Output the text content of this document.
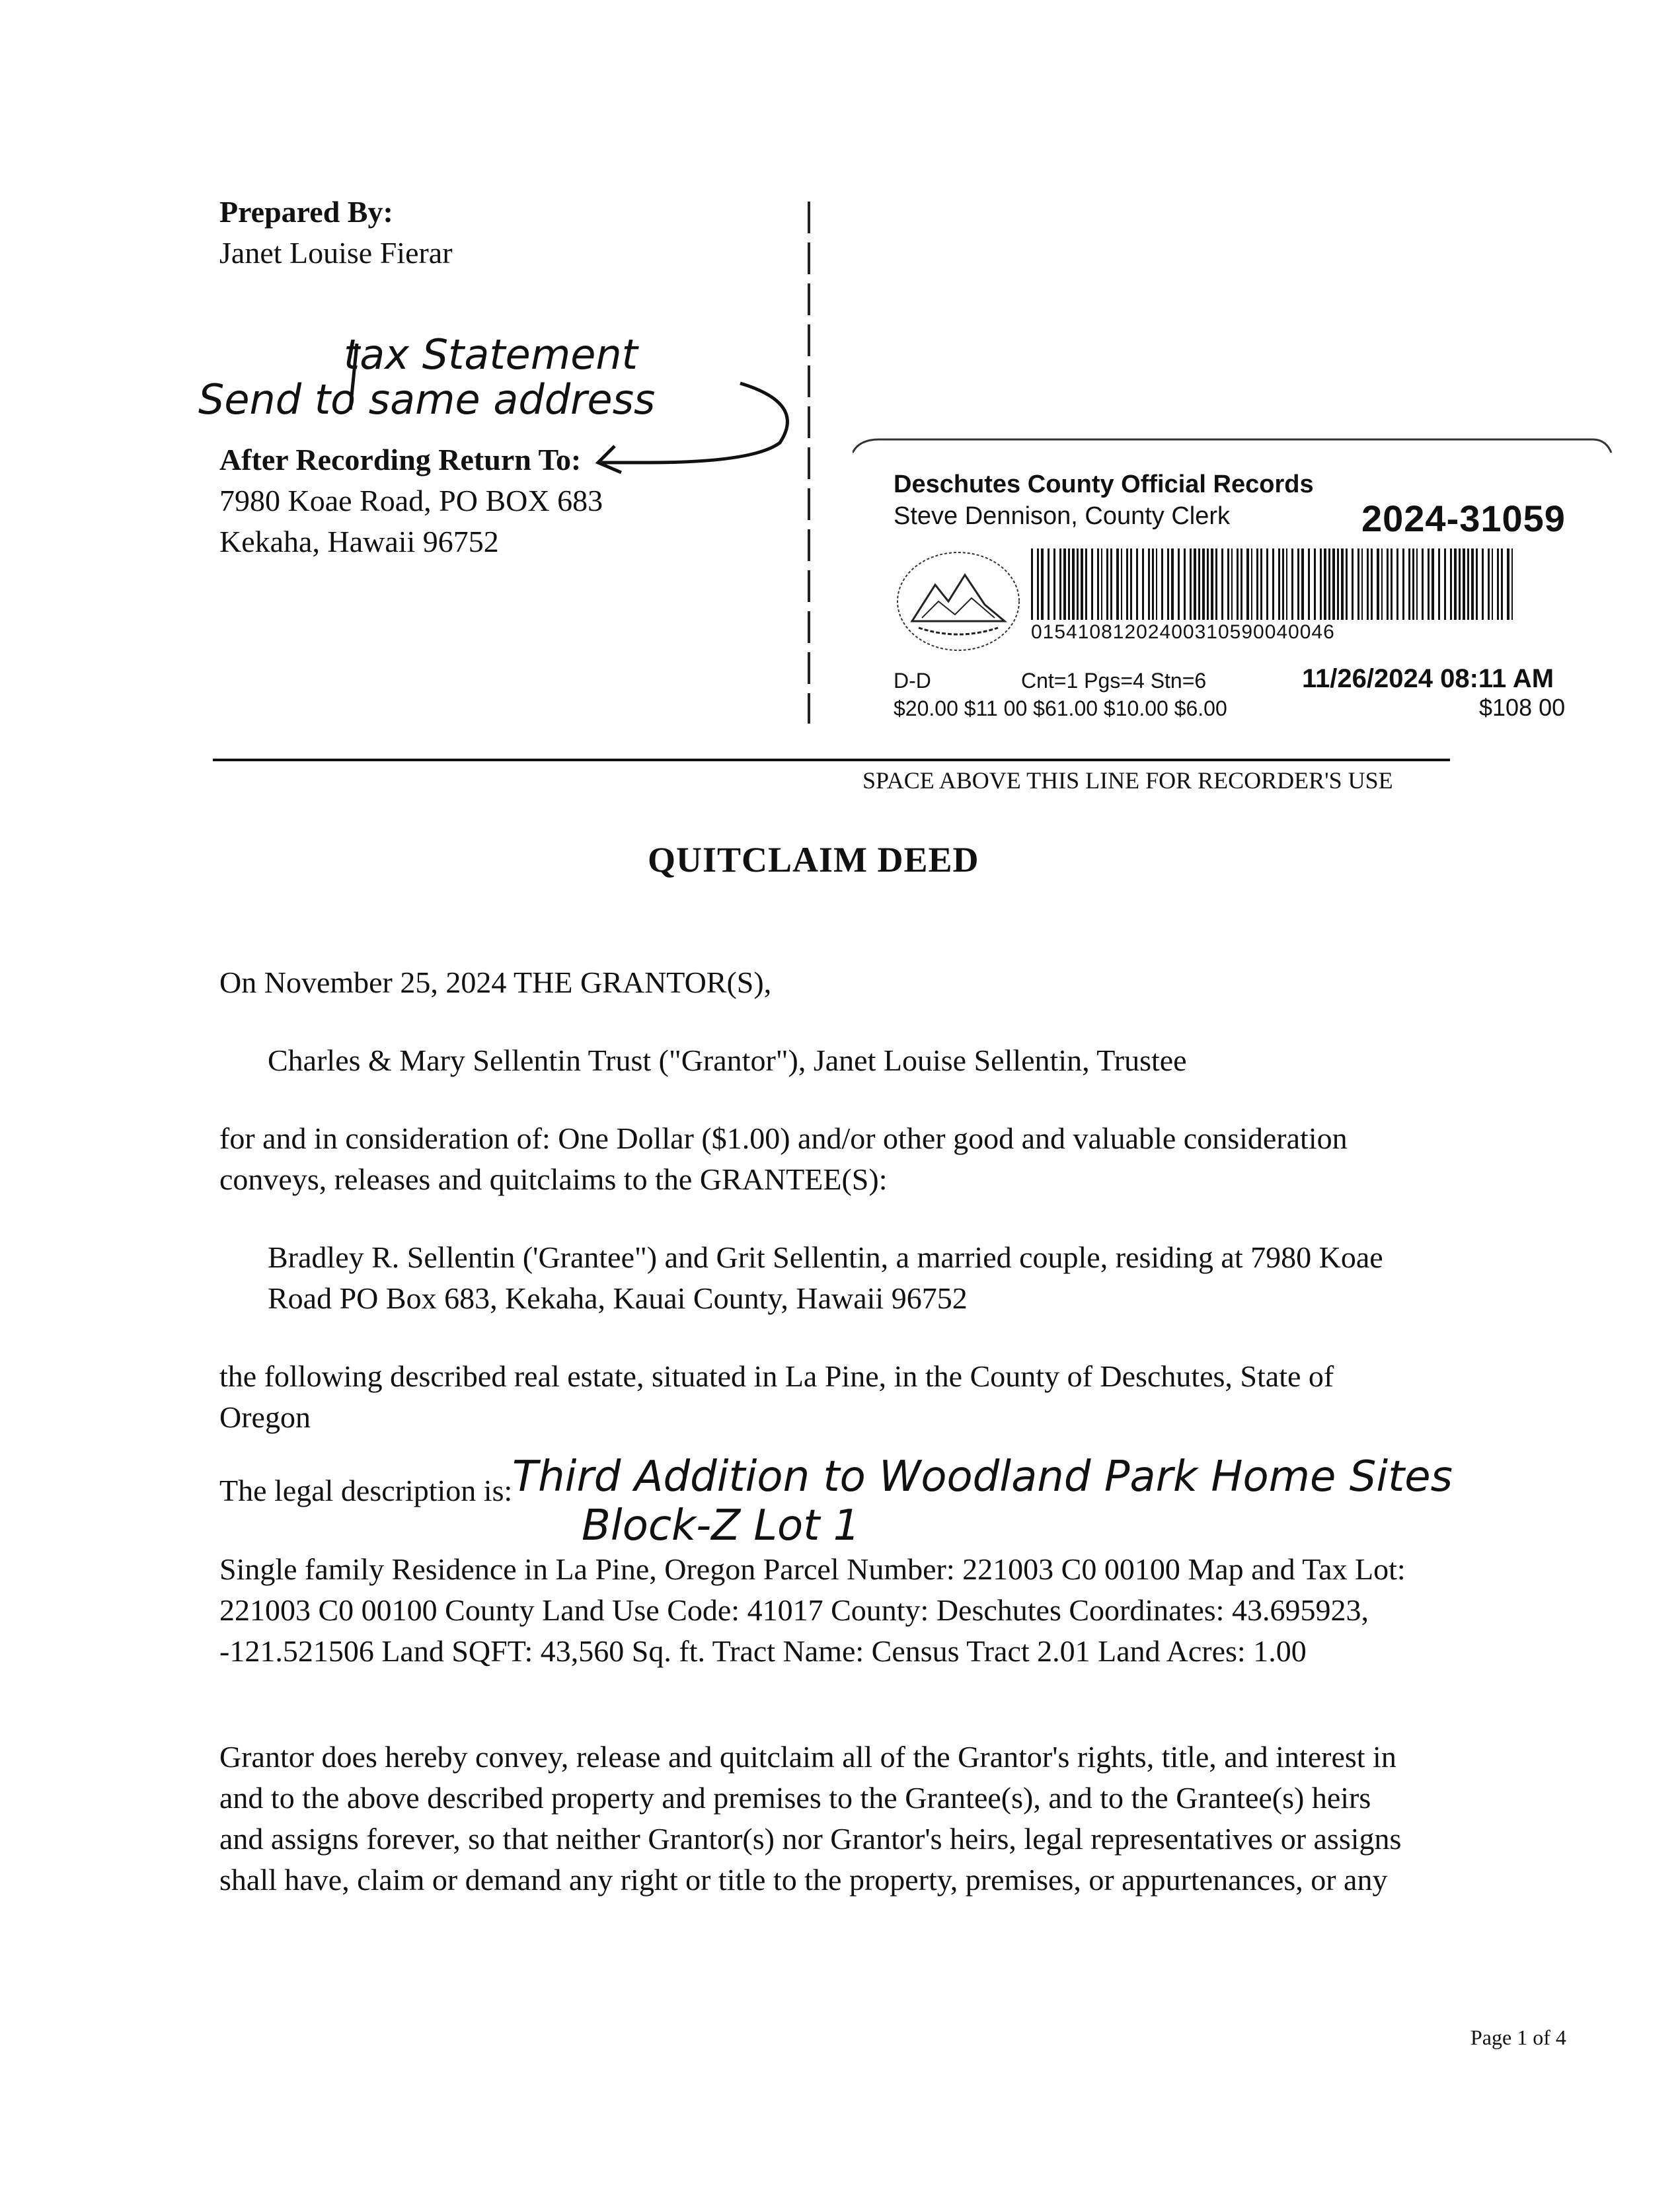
Prepared By:
Janet Louise Fierar
tax Statement
Send to same address
After Recording Return To:
7980 Koae Road, PO BOX 683
Kekaha, Hawaii 96752
Deschutes County Official Records
Steve Dennison, County Clerk	2024-31059
01541081202400310590040046
D-D	Cnt=1 Pgs=4 Stn=6	11/26/2024 08:11 AM
$20.00 $11 00 $61.00 $10.00 $6.00	$108 00
SPACE ABOVE THIS LINE FOR RECORDER'S USE
QUITCLAIM DEED
On November 25, 2024 THE GRANTOR(S),
Charles & Mary Sellentin Trust ("Grantor"), Janet Louise Sellentin, Trustee
for and in consideration of: One Dollar ($1.00) and/or other good and valuable consideration
conveys, releases and quitclaims to the GRANTEE(S):
Bradley R. Sellentin ('Grantee") and Grit Sellentin, a married couple, residing at 7980 Koae
Road PO Box 683, Kekaha, Kauai County, Hawaii 96752
the following described real estate, situated in La Pine, in the County of Deschutes, State of
Oregon
The legal description is: Third Addition to Woodland Park Home Sites
Block-Z Lot 1
Single family Residence in La Pine, Oregon Parcel Number: 221003 C0 00100 Map and Tax Lot:
221003 C0 00100 County Land Use Code: 41017 County: Deschutes Coordinates: 43.695923,
-121.521506 Land SQFT: 43,560 Sq. ft. Tract Name: Census Tract 2.01 Land Acres: 1.00
Grantor does hereby convey, release and quitclaim all of the Grantor's rights, title, and interest in
and to the above described property and premises to the Grantee(s), and to the Grantee(s) heirs
and assigns forever, so that neither Grantor(s) nor Grantor's heirs, legal representatives or assigns
shall have, claim or demand any right or title to the property, premises, or appurtenances, or any
Page 1 of 4
